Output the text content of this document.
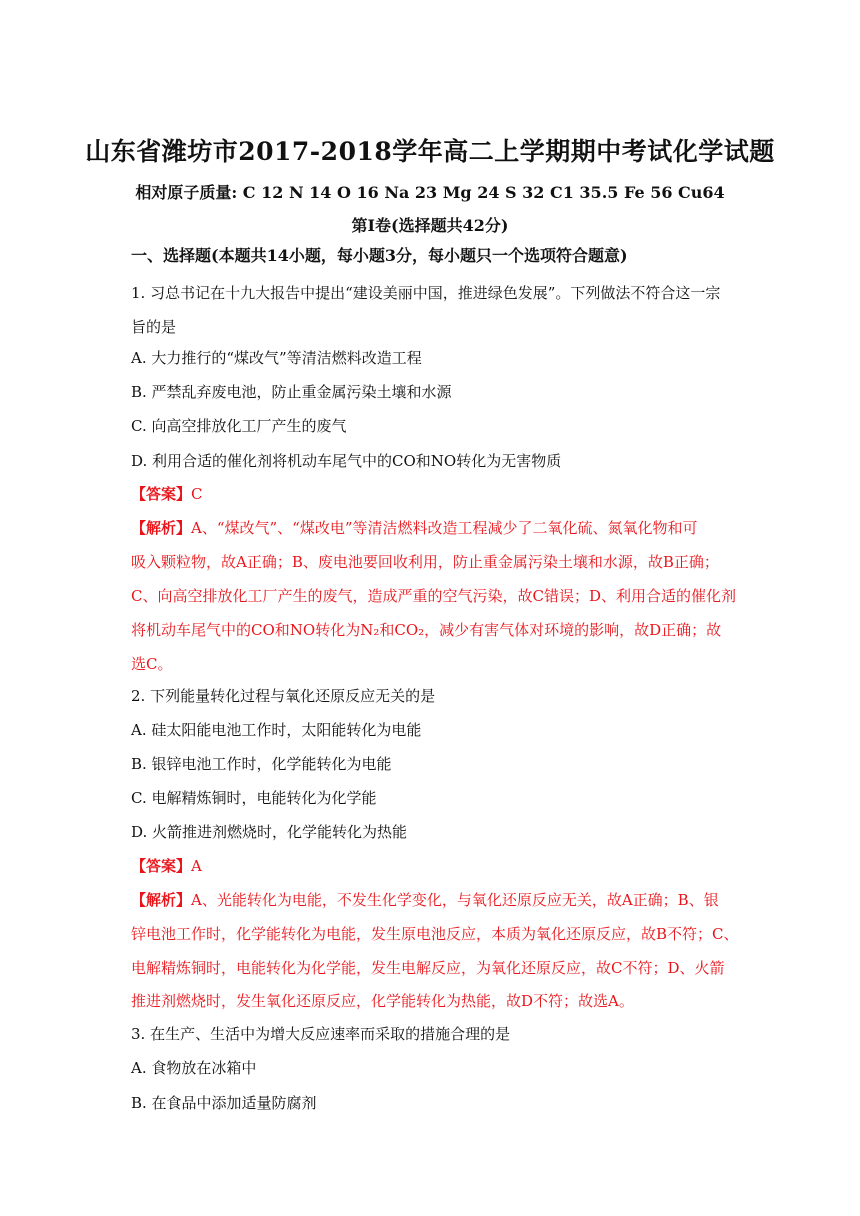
山东省潍坊市2017-2018学年高二上学期期中考试化学试题
相对原子质量: C 12 N 14 O 16 Na 23 Mg 24 S 32 C1 35.5 Fe 56 Cu64
第I卷(选择题共42分)
一、选择题(本题共14小题，每小题3分，每小题只一个选项符合题意)
1. 习总书记在十九大报告中提出“建设美丽中国，推进绿色发展”。下列做法不符合这一宗
旨的是
A. 大力推行的“煤改气”等清洁燃料改造工程
B. 严禁乱弃废电池，防止重金属污染土壤和水源
C. 向高空排放化工厂产生的废气
D. 利用合适的催化剂将机动车尾气中的CO和NO转化为无害物质
【答案】C
【解析】A、“煤改气”、“煤改电”等清洁燃料改造工程减少了二氧化硫、氮氧化物和可
吸入颗粒物，故A正确；B、废电池要回收利用，防止重金属污染土壤和水源，故B正确；
C、向高空排放化工厂产生的废气，造成严重的空气污染，故C错误；D、利用合适的催化剂
将机动车尾气中的CO和NO转化为N₂和CO₂，减少有害气体对环境的影响，故D正确；故
选C。
2. 下列能量转化过程与氧化还原反应无关的是
A. 硅太阳能电池工作时，太阳能转化为电能
B. 银锌电池工作时，化学能转化为电能
C. 电解精炼铜时，电能转化为化学能
D. 火箭推进剂燃烧时，化学能转化为热能
【答案】A
【解析】A、光能转化为电能，不发生化学变化，与氧化还原反应无关，故A正确；B、银
锌电池工作时，化学能转化为电能，发生原电池反应，本质为氧化还原反应，故B不符；C、
电解精炼铜时，电能转化为化学能，发生电解反应，为氧化还原反应，故C不符；D、火箭
推进剂燃烧时，发生氧化还原反应，化学能转化为热能，故D不符；故选A。
3. 在生产、生活中为增大反应速率而采取的措施合理的是
A. 食物放在冰箱中
B. 在食品中添加适量防腐剂
